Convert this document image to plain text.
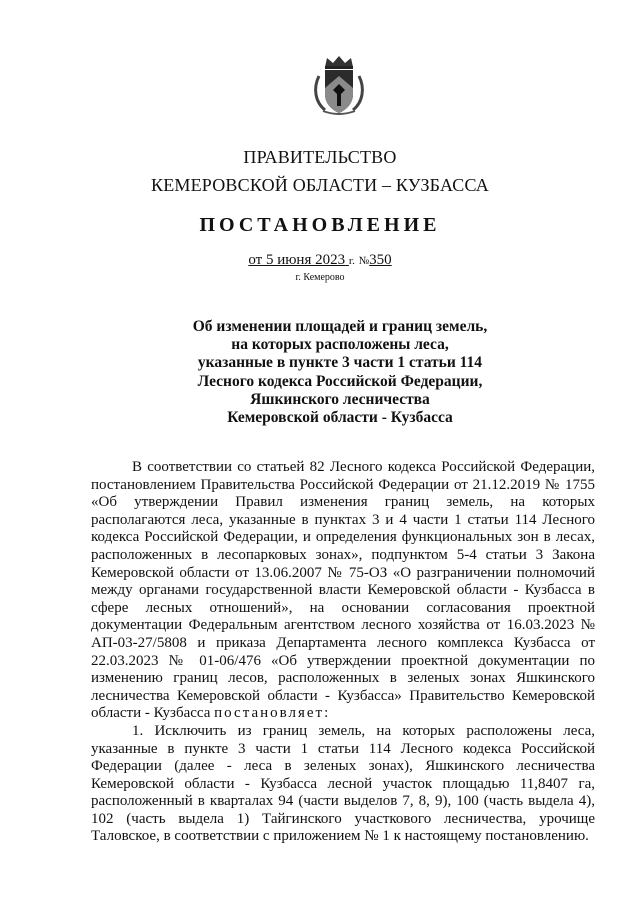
ПРАВИТЕЛЬСТВО
КЕМЕРОВСКОЙ ОБЛАСТИ – КУЗБАССА
ПОСТАНОВЛЕНИЕ
от 5 июня 2023 г. №350
г. Кемерово
Об изменении площадей и границ земель,
на которых расположены леса,
указанные в пункте 3 части 1 статьи 114
Лесного кодекса Российской Федерации,
Яшкинского лесничества
Кемеровской области - Кузбасса

В соответствии со статьей 82 Лесного кодекса Российской Федерации, постановлением Правительства Российской Федерации от 21.12.2019 № 1755 «Об утверждении Правил изменения границ земель, на которых располагаются леса, указанные в пунктах 3 и 4 части 1 статьи 114 Лесного кодекса Российской Федерации, и определения функциональных зон в лесах, расположенных в лесопарковых зонах», подпунктом 5-4 статьи 3 Закона Кемеровской области от 13.06.2007 № 75-ОЗ «О разграничении полномочий между органами государственной власти Кемеровской области - Кузбасса в сфере лесных отношений», на основании согласования проектной документации Федеральным агентством лесного хозяйства от 16.03.2023 № АП-03-27/5808 и приказа Департамента лесного комплекса Кузбасса от 22.03.2023 № 01-06/476 «Об утверждении проектной документации по изменению границ лесов, расположенных в зеленых зонах Яшкинского лесничества Кемеровской области - Кузбасса» Правительство Кемеровской области - Кузбасса постановляет:

1. Исключить из границ земель, на которых расположены леса, указанные в пункте 3 части 1 статьи 114 Лесного кодекса Российской Федерации (далее - леса в зеленых зонах), Яшкинского лесничества Кемеровской области - Кузбасса лесной участок площадью 11,8407 га, расположенный в кварталах 94 (части выделов 7, 8, 9), 100 (часть выдела 4), 102 (часть выдела 1) Тайгинского участкового лесничества, урочище Таловское, в соответствии с приложением № 1 к настоящему постановлению.
